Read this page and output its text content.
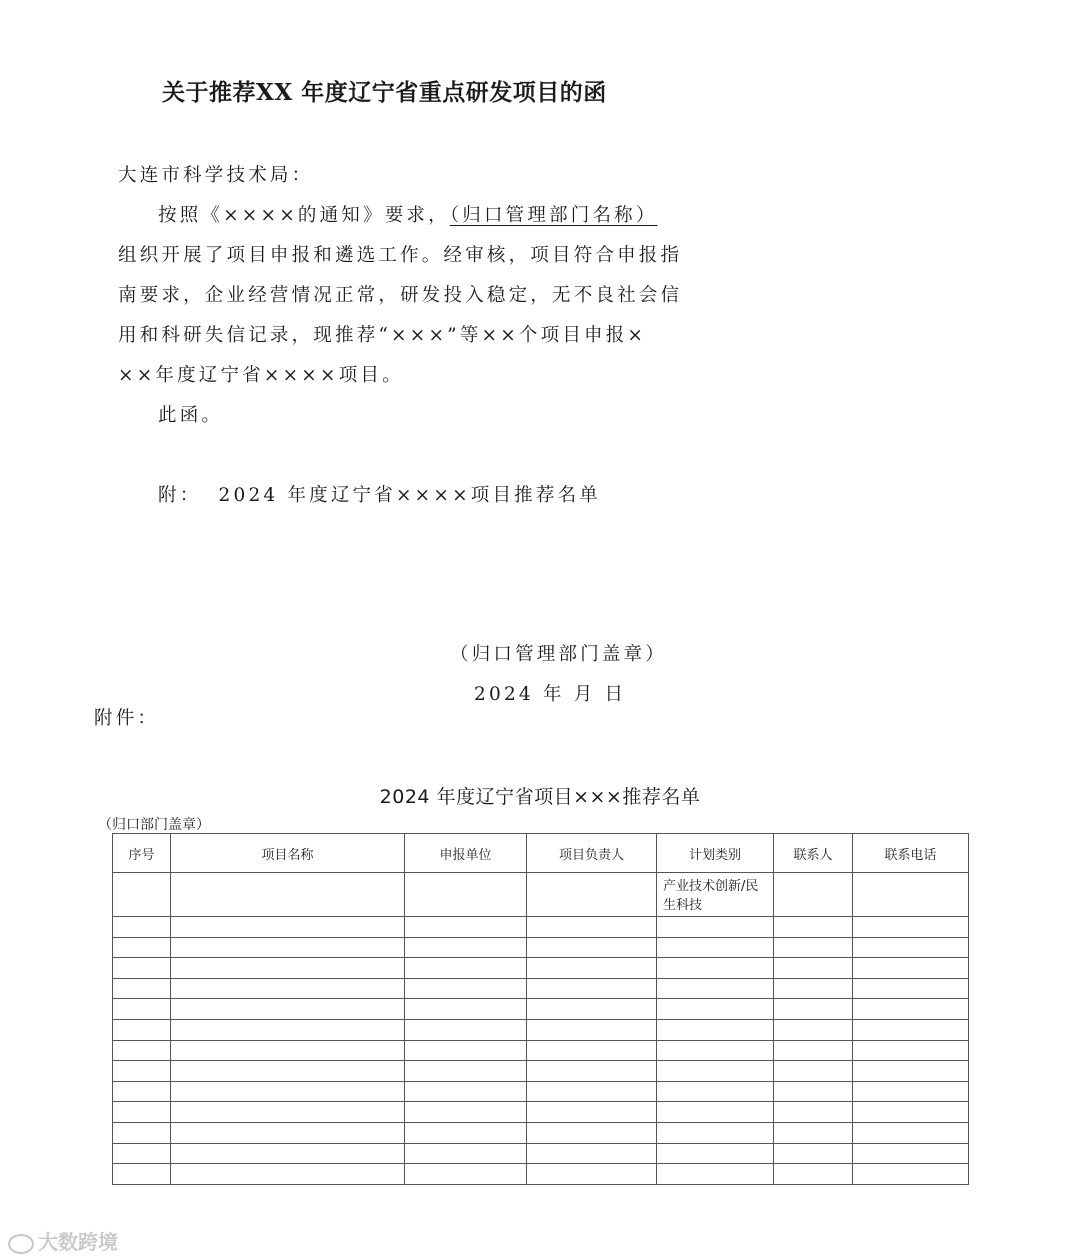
关于推荐XX 年度辽宁省重点研发项目的函
大连市科学技术局：
按照《××××的通知》要求，（归口管理部门名称）
组织开展了项目申报和遴选工作。经审核，项目符合申报指
南要求，企业经营情况正常，研发投入稳定，无不良社会信
用和科研失信记录，现推荐“×××”等××个项目申报×
××年度辽宁省××××项目。
此函。
附： 2024 年度辽宁省××××项目推荐名单
（归口管理部门盖章）
2024 年 月 日
附件：
2024 年度辽宁省项目×××推荐名单
（归口部门盖章）
序号	项目名称	申报单位	项目负责人	计划类别	联系人	联系电话
				产业技术创新/民生科技		

大数跨境
